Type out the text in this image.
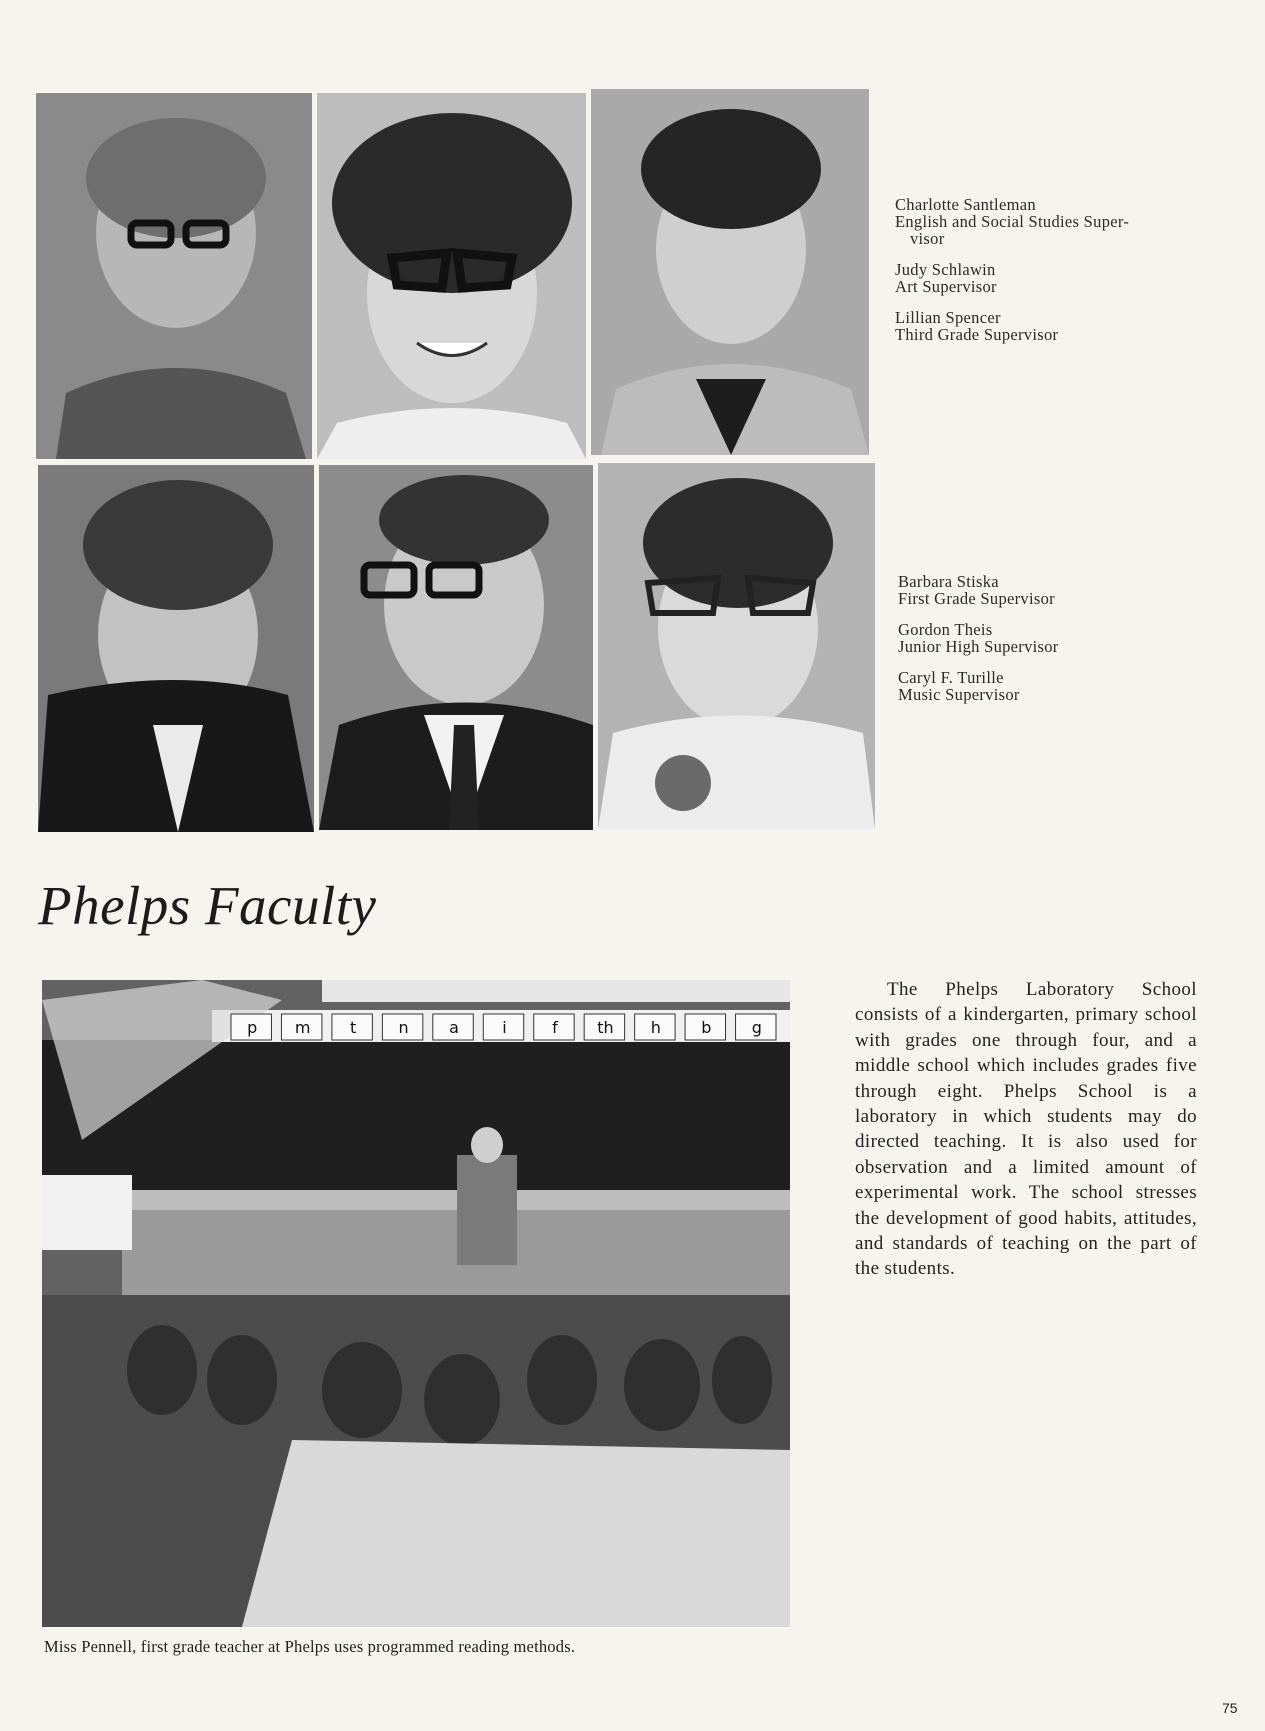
Charlotte Santleman
English and Social Studies Super-
visor
Judy Schlawin
Art Supervisor
Lillian Spencer
Third Grade Supervisor
Barbara Stiska
First Grade Supervisor
Gordon Theis
Junior High Supervisor
Caryl F. Turille
Music Supervisor
Phelps Faculty
p m t	n	a	i	f th h	b	g
Miss Pennell, first grade teacher at Phelps uses programmed reading methods.

The Phelps Laboratory School consists of a kindergarten, primary school with grades one through four, and a middle school which includes grades five through eight. Phelps School is a laboratory in which students may do directed teaching. It is also used for observation and a limited amount of experimental work. The school stresses the development of good habits, attitudes, and standards of teaching on the part of the students.

75
